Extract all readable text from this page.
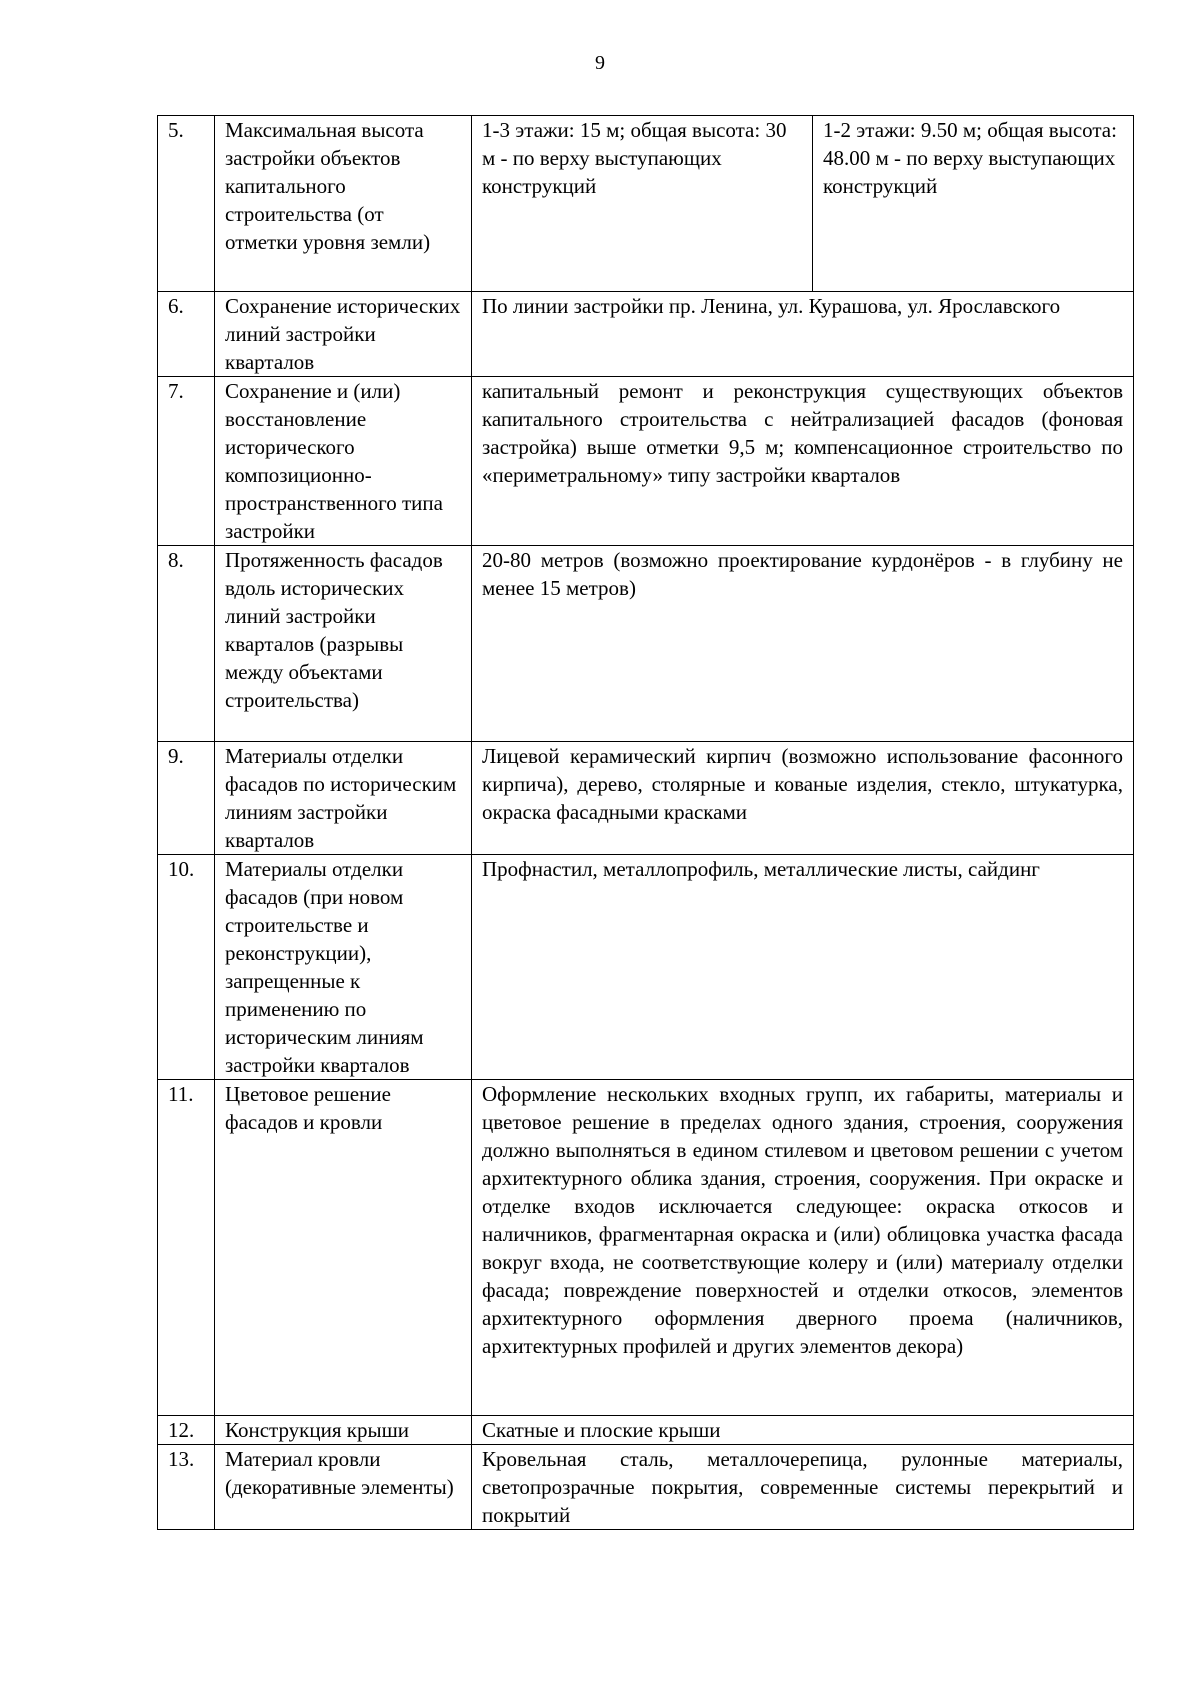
9
5.	Максимальная высота застройки объектов капитального строительства (от отметки уровня земли)	1-3 этажи: 15 м; общая высота: 30 м - по верху выступающих конструкций	1-2 этажи: 9.50 м; общая высота: 48.00 м - по верху выступающих конструкций
6.	Сохранение исторических линий застройки кварталов	По линии застройки пр. Ленина, ул. Курашова, ул. Ярославского	
7.	Сохранение и (или) восстановление исторического композиционно-пространственного типа застройки	капитальный ремонт и реконструкция существующих объектов капитального строительства с нейтрализацией фасадов (фоновая застройка) выше отметки 9,5 м; компенсационное строительство по «периметральному» типу застройки кварталов	
8.	Протяженность фасадов вдоль исторических линий застройки кварталов (разрывы между объектами строительства)	20-80 метров (возможно проектирование курдонёров - в глубину не менее 15 метров)	
9.	Материалы отделки фасадов по историческим линиям застройки кварталов	Лицевой керамический кирпич (возможно использование фасонного кирпича), дерево, столярные и кованые изделия, стекло, штукатурка, окраска фасадными красками	
10.	Материалы отделки фасадов (при новом строительстве и реконструкции), запрещенные к применению по историческим линиям застройки кварталов	Профнастил, металлопрофиль, металлические листы, сайдинг	
11.	Цветовое решение фасадов и кровли	Оформление нескольких входных групп, их габариты, материалы и цветовое решение в пределах одного здания, строения, сооружения должно выполняться в едином стилевом и цветовом решении с учетом архитектурного облика здания, строения, сооружения. При окраске и отделке входов исключается следующее: окраска откосов и наличников, фрагментарная окраска и (или) облицовка участка фасада вокруг входа, не соответствующие колеру и (или) материалу отделки фасада; повреждение поверхностей и отделки откосов, элементов архитектурного оформления дверного проема (наличников, архитектурных профилей и других элементов декора)	
12.	Конструкция крыши	Скатные и плоские крыши	
13.	Материал кровли (декоративные элементы)	Кровельная сталь, металлочерепица, рулонные материалы, светопрозрачные покрытия, современные системы перекрытий и покрытий	
